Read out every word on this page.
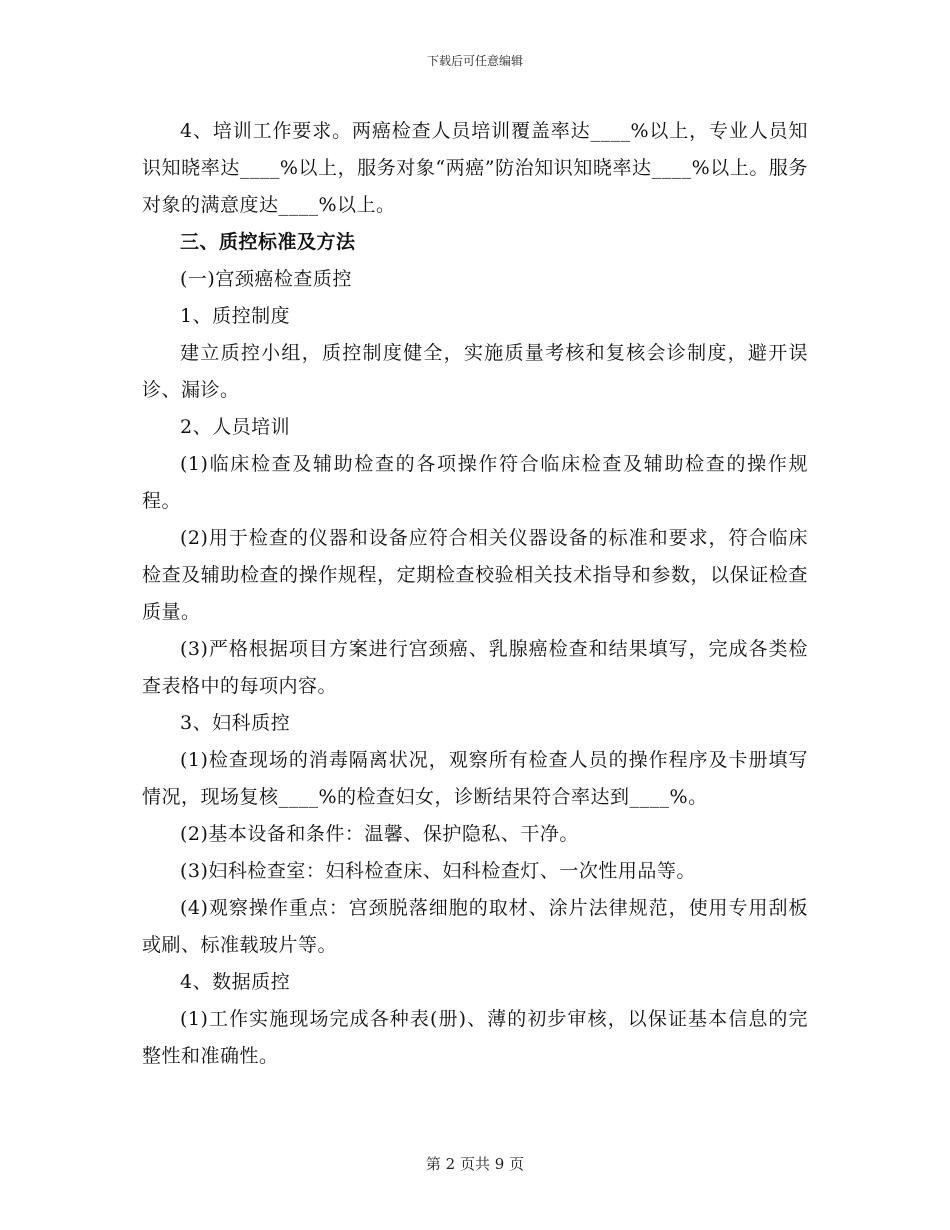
下载后可任意编辑

4、培训工作要求。两癌检查人员培训覆盖率达____%以上，专业人员知识知晓率达____%以上，服务对象“两癌”防治知识知晓率达____%以上。服务对象的满意度达____%以上。

三、质控标准及方法

(一)宫颈癌检查质控

1、质控制度

建立质控小组，质控制度健全，实施质量考核和复核会诊制度，避开误诊、漏诊。

2、人员培训

(1)临床检查及辅助检查的各项操作符合临床检查及辅助检查的操作规程。

(2)用于检查的仪器和设备应符合相关仪器设备的标准和要求，符合临床检查及辅助检查的操作规程，定期检查校验相关技术指导和参数，以保证检查质量。

(3)严格根据项目方案进行宫颈癌、乳腺癌检查和结果填写，完成各类检查表格中的每项内容。

3、妇科质控

(1)检查现场的消毒隔离状况，观察所有检查人员的操作程序及卡册填写情况，现场复核____%的检查妇女，诊断结果符合率达到____%。

(2)基本设备和条件：温馨、保护隐私、干净。

(3)妇科检查室：妇科检查床、妇科检查灯、一次性用品等。

(4)观察操作重点：宫颈脱落细胞的取材、涂片法律规范，使用专用刮板或刷、标准载玻片等。

4、数据质控

(1)工作实施现场完成各种表(册)、薄的初步审核，以保证基本信息的完整性和准确性。

第 2 页共 9 页
